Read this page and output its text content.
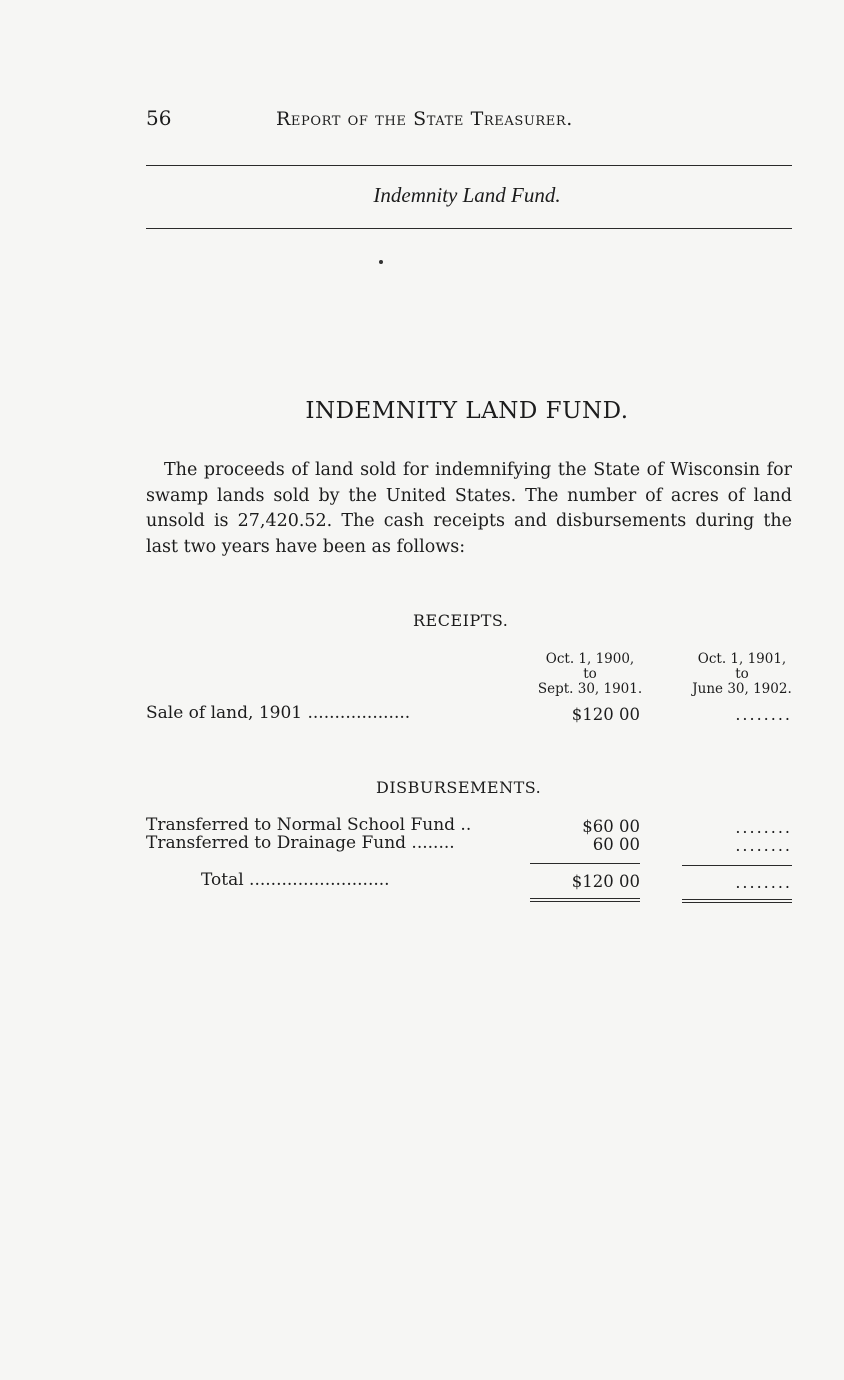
56	Report of the State Treasurer.
Indemnity Land Fund.
INDEMNITY LAND FUND.
The proceeds of land sold for indemnifying the State of Wisconsin for swamp lands sold by the United States. The number of acres of land unsold is 27,420.52. The cash receipts and disbursements during the last two years have been as follows:
RECEIPTS.
Oct. 1, 1900,
to
Sept. 30, 1901.
Oct. 1, 1901,
to
June 30, 1902.
Sale of land, 1901 ...................	$120 00	........
DISBURSEMENTS.
Transferred to Normal School Fund ..	$60 00	........
Transferred to Drainage Fund ........	60 00	........
Total ..........................	$120 00	........
